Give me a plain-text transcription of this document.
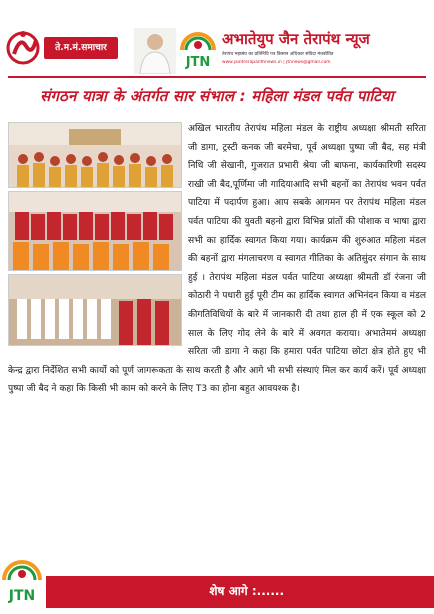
ते.म.मं.समाचार
JTN
अभातेयुप जैन तेरापंथ न्यूज
तेरापंथ महासंघ का प्रतिनिधि पत्र किसान अधिकार संविदा मंचबोधित
www.jaintrerapanthnews.in | jtnnews@gmail.com
संगठन यात्रा के अंतर्गत सार संभाल : महिला मंडल पर्वत पाटिया
अखिल भारतीय तेरापंथ महिला मंडल के राष्ट्रीय अध्यक्षा श्रीमती सरिता जी डागा, ट्रस्टी कनक जी बरमेचा, पूर्व अध्यक्षा पुष्पा जी बैद, सह मंत्री निधि जी सेखानी, गुजरात प्रभारी श्रेया जी बाफना, कार्यकारिणी सदस्य राखी जी बैद,पूर्णिमा जी गादियाआदि सभी बहनों का तेरापंथ भवन पर्वत पाटिया में पदार्पण हुआ। आप सबके आगमन पर तेरापंथ महिला मंडल पर्वत पाटिया की युवती बहनो द्वारा विभिन्न प्रांतों की पोशाक व भाषा द्वारा सभी का हार्दिक स्वागत किया गया। कार्यक्रम की शुरुआत महिला मंडल की बहनों द्वारा मंगलाचरण व स्वागत गीतिका के अतिसुंदर संगान के साथ हुई । तेरापंथ महिला मंडल पर्वत पाटिया अध्यक्षा श्रीमती डॉ रंजना जी कोठारी ने पधारी हुई पूरी टीम का हार्दिक स्वागत अभिनंदन किया व मंडल कीगतिविधियों के बारे में जानकारी दी तथा हाल ही में एक स्कूल को 2 साल के लिए गोद लेने के बारे में अवगत कराया। अभातेममं अध्यक्षा सरिता जी डागा ने कहा कि हमारा पर्वत पाटिया छोटा क्षेत्र होते हुए भी केन्द्र द्वारा निर्देशित सभी कार्यो को पूर्ण जागरूकता के साथ करती है और आगे भी सभी संस्थाएं मिल कर कार्य करें। पूर्व अध्यक्षा पुष्पा जी बैद ने कहा कि किसी भी काम को करने के लिए T3 का होना बहुत आवयश्क है।
JTN	शेष आगे :......
